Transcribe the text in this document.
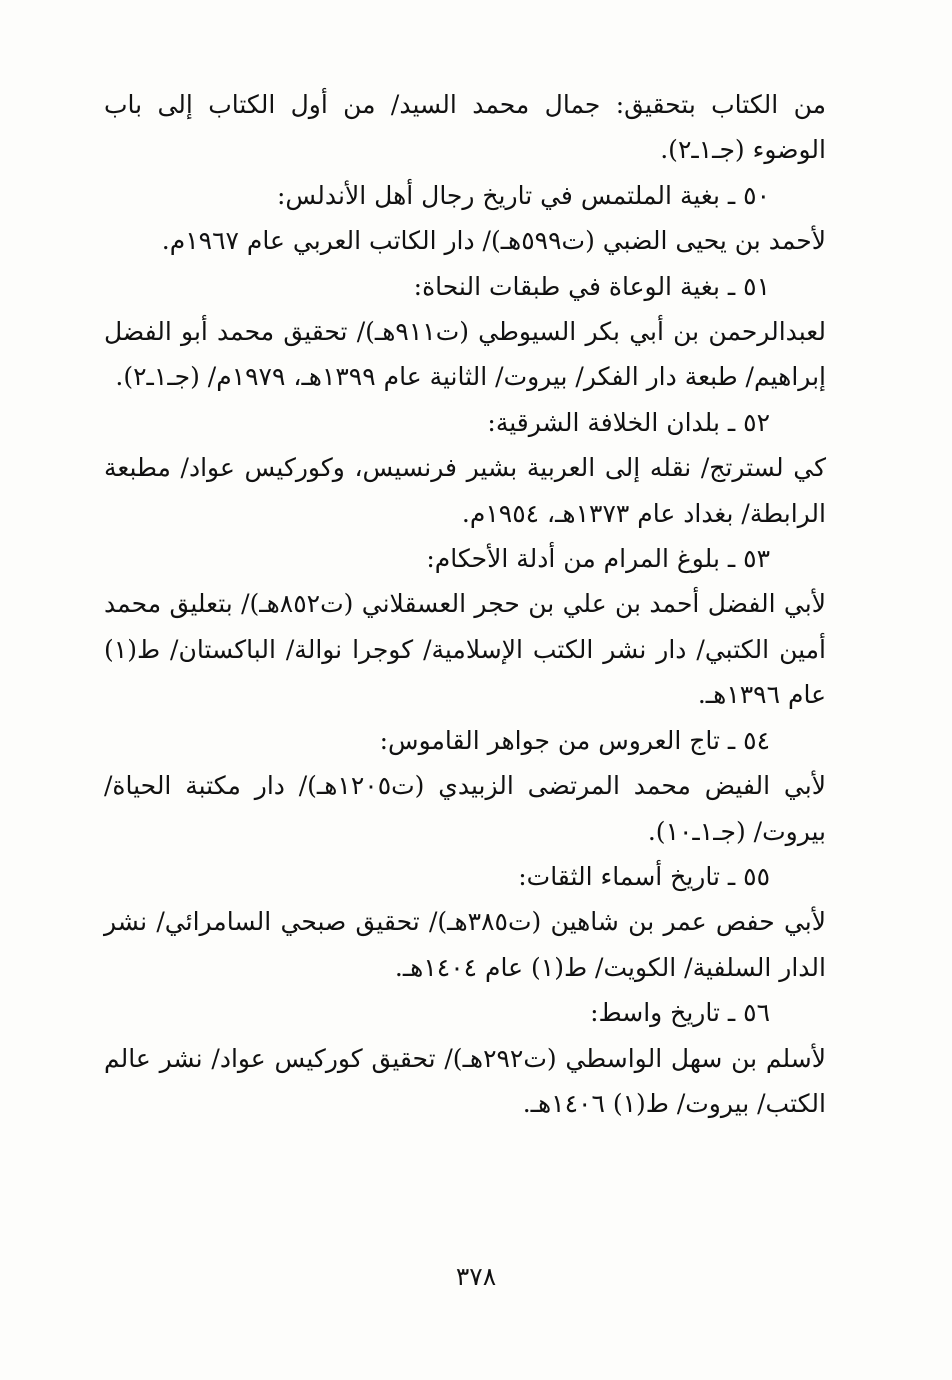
من الكتاب بتحقيق: جمال محمد السيد/ من أول الكتاب إلى باب الوضوء (جـ١ـ٢).

٥٠ ـ بغية الملتمس في تاريخ رجال أهل الأندلس:

لأحمد بن يحيى الضبي (ت٥٩٩هـ)/ دار الكاتب العربي عام ١٩٦٧م.

٥١ ـ بغية الوعاة في طبقات النحاة:

لعبدالرحمن بن أبي بكر السيوطي (ت٩١١هـ)/ تحقيق محمد أبو الفضل إبراهيم/ طبعة دار الفكر/ بيروت/ الثانية عام ١٣٩٩هـ، ١٩٧٩م/ (جـ١ـ٢).

٥٢ ـ بلدان الخلافة الشرقية:

كي لسترتج/ نقله إلى العربية بشير فرنسيس، وكوركيس عواد/ مطبعة الرابطة/ بغداد عام ١٣٧٣هـ، ١٩٥٤م.

٥٣ ـ بلوغ المرام من أدلة الأحكام:

لأبي الفضل أحمد بن علي بن حجر العسقلاني (ت٨٥٢هـ)/ بتعليق محمد أمين الكتبي/ دار نشر الكتب الإسلامية/ كوجرا نوالة/ الباكستان/ ط(١) عام ١٣٩٦هـ.

٥٤ ـ تاج العروس من جواهر القاموس:

لأبي الفيض محمد المرتضى الزبيدي (ت١٢٠٥هـ)/ دار مكتبة الحياة/ بيروت/ (جـ١ـ١٠).

٥٥ ـ تاريخ أسماء الثقات:

لأبي حفص عمر بن شاهين (ت٣٨٥هـ)/ تحقيق صبحي السامرائي/ نشر الدار السلفية/ الكويت/ ط(١) عام ١٤٠٤هـ.

٥٦ ـ تاريخ واسط:

لأسلم بن سهل الواسطي (ت٢٩٢هـ)/ تحقيق كوركيس عواد/ نشر عالم الكتب/ بيروت/ ط(١) ١٤٠٦هـ.

٣٧٨
